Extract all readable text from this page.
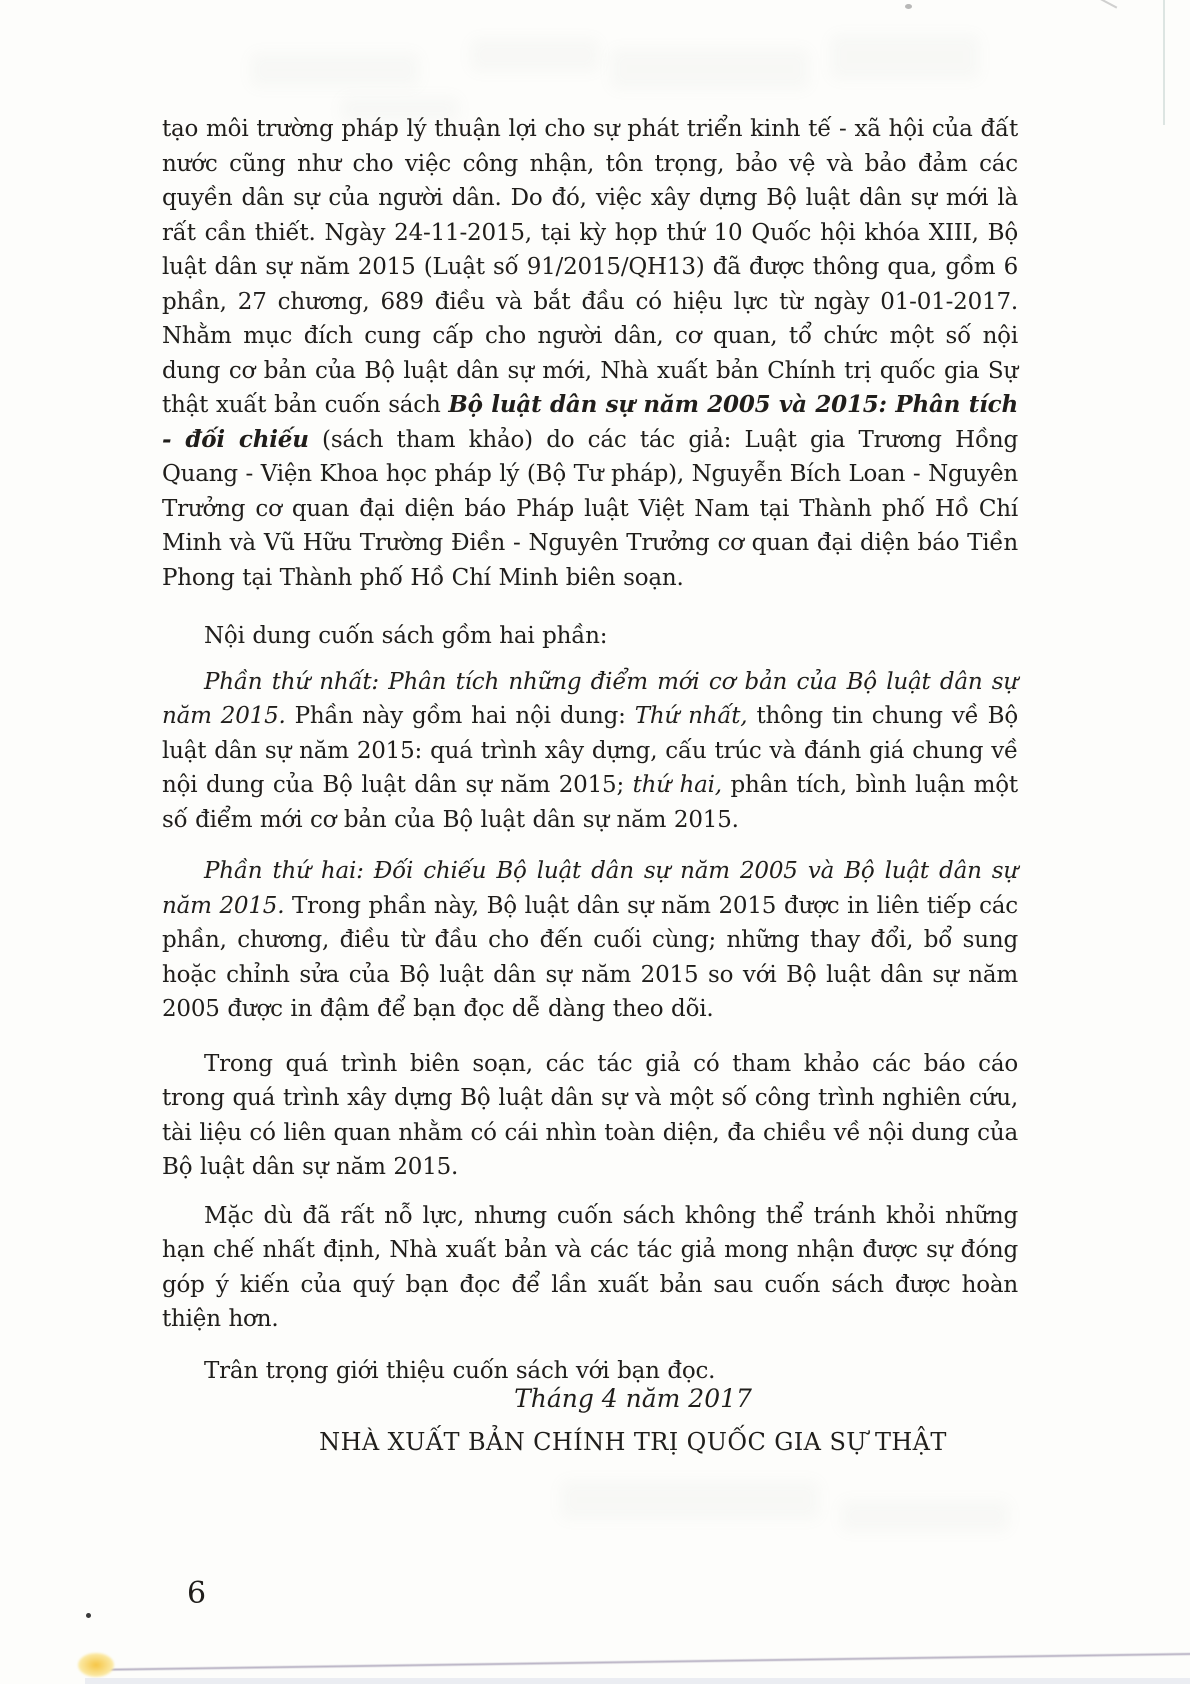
tạo môi trường pháp lý thuận lợi cho sự phát triển kinh tế - xã hội của đất nước cũng như cho việc công nhận, tôn trọng, bảo vệ và bảo đảm các quyền dân sự của người dân. Do đó, việc xây dựng Bộ luật dân sự mới là rất cần thiết. Ngày 24-11-2015, tại kỳ họp thứ 10 Quốc hội khóa XIII, Bộ luật dân sự năm 2015 (Luật số 91/2015/QH13) đã được thông qua, gồm 6 phần, 27 chương, 689 điều và bắt đầu có hiệu lực từ ngày 01-01-2017. Nhằm mục đích cung cấp cho người dân, cơ quan, tổ chức một số nội dung cơ bản của Bộ luật dân sự mới, Nhà xuất bản Chính trị quốc gia Sự thật xuất bản cuốn sách Bộ luật dân sự năm 2005 và 2015: Phân tích - đối chiếu (sách tham khảo) do các tác giả: Luật gia Trương Hồng Quang - Viện Khoa học pháp lý (Bộ Tư pháp), Nguyễn Bích Loan - Nguyên Trưởng cơ quan đại diện báo Pháp luật Việt Nam tại Thành phố Hồ Chí Minh và Vũ Hữu Trường Điền - Nguyên Trưởng cơ quan đại diện báo Tiền Phong tại Thành phố Hồ Chí Minh biên soạn.

Nội dung cuốn sách gồm hai phần:

Phần thứ nhất: Phân tích những điểm mới cơ bản của Bộ luật dân sự năm 2015. Phần này gồm hai nội dung: Thứ nhất, thông tin chung về Bộ luật dân sự năm 2015: quá trình xây dựng, cấu trúc và đánh giá chung về nội dung của Bộ luật dân sự năm 2015; thứ hai, phân tích, bình luận một số điểm mới cơ bản của Bộ luật dân sự năm 2015.

Phần thứ hai: Đối chiếu Bộ luật dân sự năm 2005 và Bộ luật dân sự năm 2015. Trong phần này, Bộ luật dân sự năm 2015 được in liên tiếp các phần, chương, điều từ đầu cho đến cuối cùng; những thay đổi, bổ sung hoặc chỉnh sửa của Bộ luật dân sự năm 2015 so với Bộ luật dân sự năm 2005 được in đậm để bạn đọc dễ dàng theo dõi.

Trong quá trình biên soạn, các tác giả có tham khảo các báo cáo trong quá trình xây dựng Bộ luật dân sự và một số công trình nghiên cứu, tài liệu có liên quan nhằm có cái nhìn toàn diện, đa chiều về nội dung của Bộ luật dân sự năm 2015.

Mặc dù đã rất nỗ lực, nhưng cuốn sách không thể tránh khỏi những hạn chế nhất định, Nhà xuất bản và các tác giả mong nhận được sự đóng góp ý kiến của quý bạn đọc để lần xuất bản sau cuốn sách được hoàn thiện hơn.

Trân trọng giới thiệu cuốn sách với bạn đọc.

Tháng 4 năm 2017
NHÀ XUẤT BẢN CHÍNH TRỊ QUỐC GIA SỰ THẬT
6
